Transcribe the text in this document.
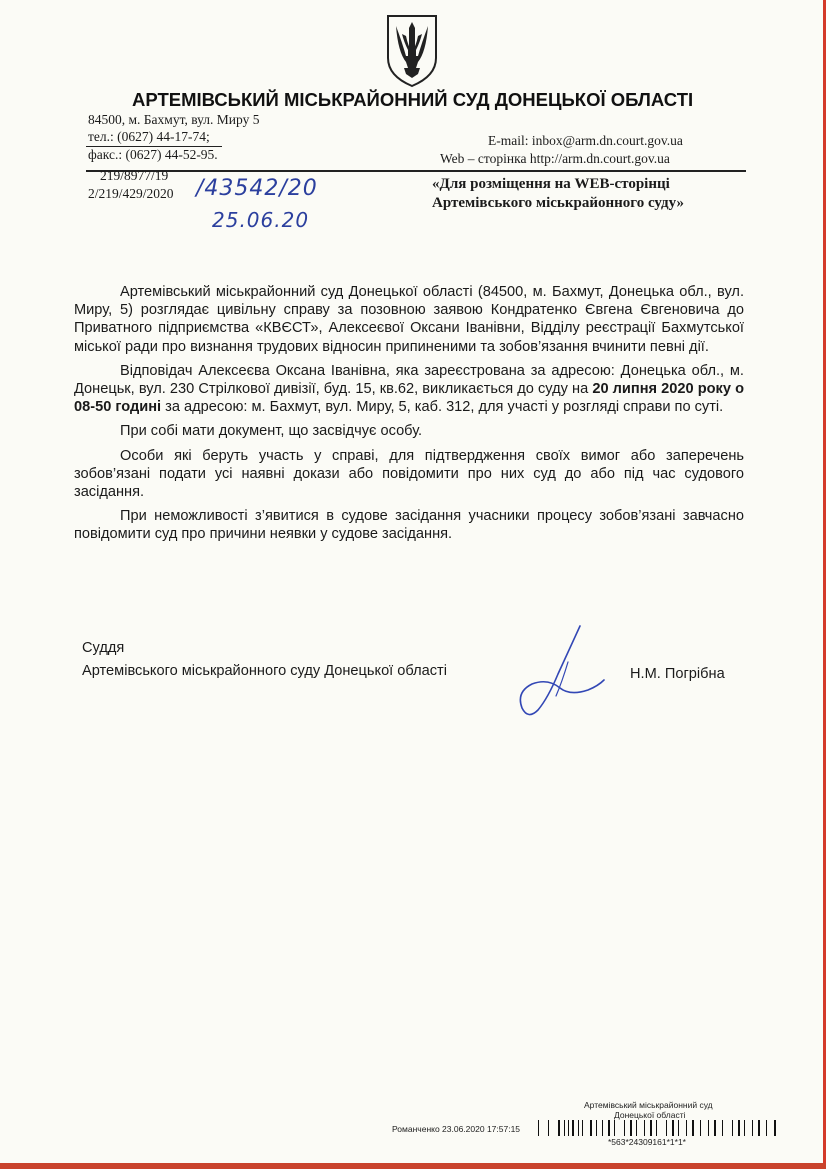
АРТЕМІВСЬКИЙ МІСЬКРАЙОННИЙ СУД ДОНЕЦЬКОЇ ОБЛАСТІ
84500, м. Бахмут, вул. Миру 5
тел.: (0627) 44-17-74;
факс.: (0627) 44-52-95.
E-mail: inbox@arm.dn.court.gov.ua
Web – сторінка http://arm.dn.court.gov.ua
219/8977/19
2/219/429/2020 /43542/20
25.06.20
«Для розміщення на WEB-сторінці
Артемівського міськрайонного суду»

Артемівський міськрайонний суд Донецької області (84500, м. Бахмут, Донецька обл., вул. Миру, 5) розглядає цивільну справу за позовною заявою Кондратенко Євгена Євгеновича до Приватного підприємства «КВЄСТ», Алексеєвої Оксани Іванівни, Відділу реєстрації Бахмутської міської ради про визнання трудових відносин припиненими та зобов’язання вчинити певні дії.

Відповідач Алексеєва Оксана Іванівна, яка зареєстрована за адресою: Донецька обл., м. Донецьк, вул. 230 Стрілкової дивізії, буд. 15, кв.62, викликається до суду на 20 липня 2020 року о 08-50 годині за адресою: м. Бахмут, вул. Миру, 5, каб. 312, для участі у розгляді справи по суті.

При собі мати документ, що засвідчує особу.

Особи які беруть участь у справі, для підтвердження своїх вимог або заперечень зобов’язані подати усі наявні докази або повідомити про них суд до або під час судового засідання.

При неможливості з’явитися в судове засідання учасники процесу зобов’язані завчасно повідомити суд про причини неявки у судове засідання.

Суддя
Артемівського міськрайонного суду Донецької області	Н.М. Погрібна
Артемівський міськрайонний суд
Донецької області
Романченко 23.06.2020 17:57:15
*563*24309161*1*1*
